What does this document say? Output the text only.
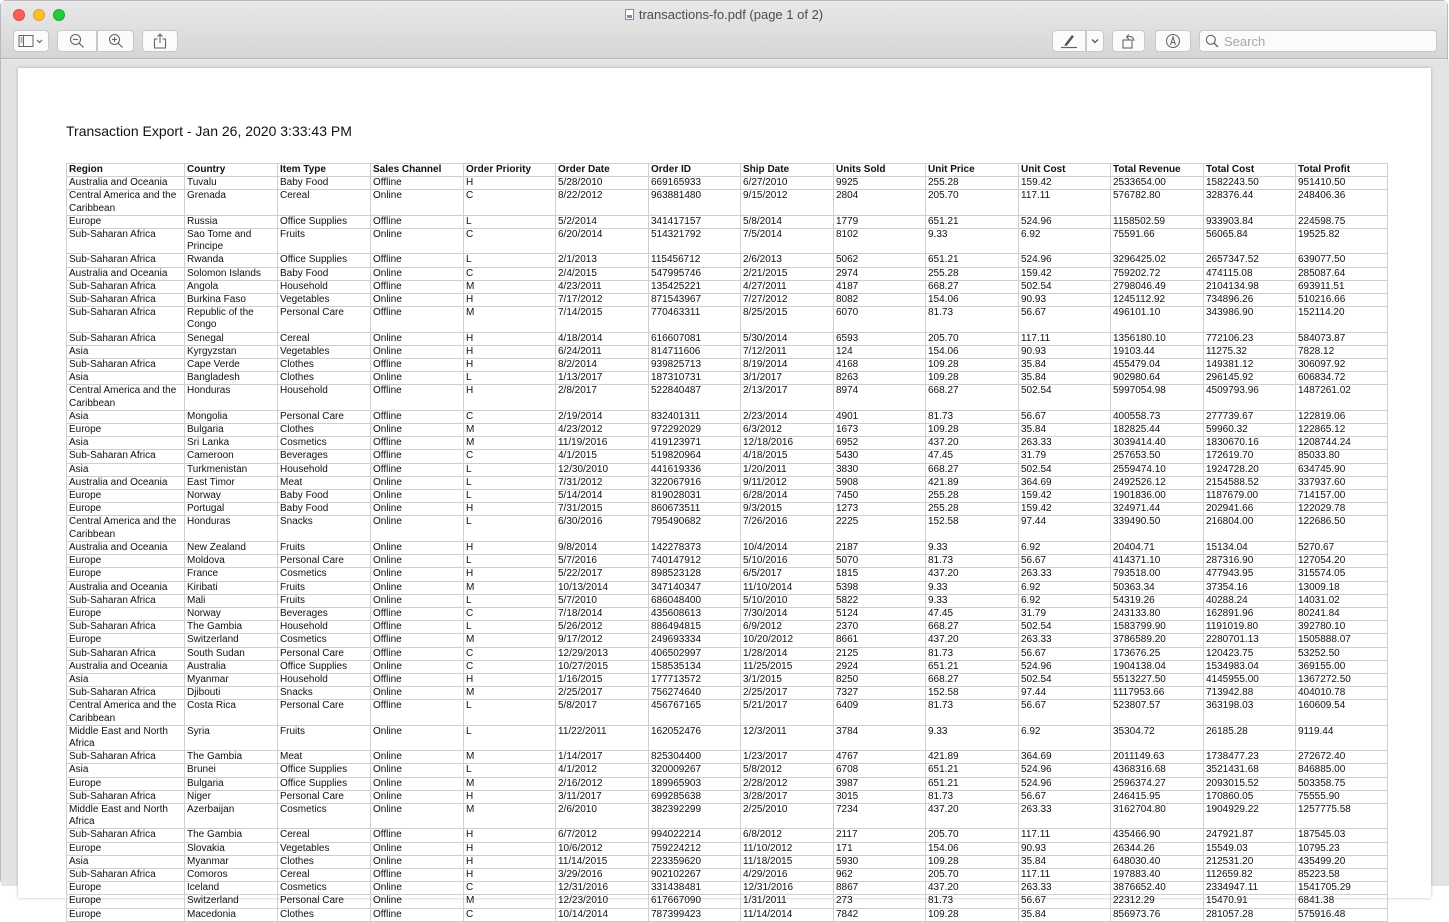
transactions-fo.pdf (page 1 of 2)
Search
Transaction Export - Jan 26, 2020 3:33:43 PM
Region	Country	Item Type	Sales Channel	Order Priority	Order Date	Order ID	Ship Date	Units Sold	Unit Price	Unit Cost	Total Revenue	Total Cost	Total Profit
Australia and Oceania	Tuvalu	Baby Food	Offline	H	5/28/2010	669165933	6/27/2010	9925	255.28	159.42	2533654.00	1582243.50	951410.50
Central America and the Caribbean	Grenada	Cereal	Online	C	8/22/2012	963881480	9/15/2012	2804	205.70	117.11	576782.80	328376.44	248406.36
Europe	Russia	Office Supplies	Offline	L	5/2/2014	341417157	5/8/2014	1779	651.21	524.96	1158502.59	933903.84	224598.75
Sub-Saharan Africa	Sao Tome and Principe	Fruits	Online	C	6/20/2014	514321792	7/5/2014	8102	9.33	6.92	75591.66	56065.84	19525.82
Sub-Saharan Africa	Rwanda	Office Supplies	Offline	L	2/1/2013	115456712	2/6/2013	5062	651.21	524.96	3296425.02	2657347.52	639077.50
Australia and Oceania	Solomon Islands	Baby Food	Online	C	2/4/2015	547995746	2/21/2015	2974	255.28	159.42	759202.72	474115.08	285087.64
Sub-Saharan Africa	Angola	Household	Offline	M	4/23/2011	135425221	4/27/2011	4187	668.27	502.54	2798046.49	2104134.98	693911.51
Sub-Saharan Africa	Burkina Faso	Vegetables	Online	H	7/17/2012	871543967	7/27/2012	8082	154.06	90.93	1245112.92	734896.26	510216.66
Sub-Saharan Africa	Republic of the Congo	Personal Care	Offline	M	7/14/2015	770463311	8/25/2015	6070	81.73	56.67	496101.10	343986.90	152114.20
Sub-Saharan Africa	Senegal	Cereal	Online	H	4/18/2014	616607081	5/30/2014	6593	205.70	117.11	1356180.10	772106.23	584073.87
Asia	Kyrgyzstan	Vegetables	Online	H	6/24/2011	814711606	7/12/2011	124	154.06	90.93	19103.44	11275.32	7828.12
Sub-Saharan Africa	Cape Verde	Clothes	Offline	H	8/2/2014	939825713	8/19/2014	4168	109.28	35.84	455479.04	149381.12	306097.92
Asia	Bangladesh	Clothes	Online	L	1/13/2017	187310731	3/1/2017	8263	109.28	35.84	902980.64	296145.92	606834.72
Central America and the Caribbean	Honduras	Household	Offline	H	2/8/2017	522840487	2/13/2017	8974	668.27	502.54	5997054.98	4509793.96	1487261.02
Asia	Mongolia	Personal Care	Offline	C	2/19/2014	832401311	2/23/2014	4901	81.73	56.67	400558.73	277739.67	122819.06
Europe	Bulgaria	Clothes	Online	M	4/23/2012	972292029	6/3/2012	1673	109.28	35.84	182825.44	59960.32	122865.12
Asia	Sri Lanka	Cosmetics	Offline	M	11/19/2016	419123971	12/18/2016	6952	437.20	263.33	3039414.40	1830670.16	1208744.24
Sub-Saharan Africa	Cameroon	Beverages	Offline	C	4/1/2015	519820964	4/18/2015	5430	47.45	31.79	257653.50	172619.70	85033.80
Asia	Turkmenistan	Household	Offline	L	12/30/2010	441619336	1/20/2011	3830	668.27	502.54	2559474.10	1924728.20	634745.90
Australia and Oceania	East Timor	Meat	Online	L	7/31/2012	322067916	9/11/2012	5908	421.89	364.69	2492526.12	2154588.52	337937.60
Europe	Norway	Baby Food	Online	L	5/14/2014	819028031	6/28/2014	7450	255.28	159.42	1901836.00	1187679.00	714157.00
Europe	Portugal	Baby Food	Online	H	7/31/2015	860673511	9/3/2015	1273	255.28	159.42	324971.44	202941.66	122029.78
Central America and the Caribbean	Honduras	Snacks	Online	L	6/30/2016	795490682	7/26/2016	2225	152.58	97.44	339490.50	216804.00	122686.50
Australia and Oceania	New Zealand	Fruits	Online	H	9/8/2014	142278373	10/4/2014	2187	9.33	6.92	20404.71	15134.04	5270.67
Europe	Moldova	Personal Care	Online	L	5/7/2016	740147912	5/10/2016	5070	81.73	56.67	414371.10	287316.90	127054.20
Europe	France	Cosmetics	Online	H	5/22/2017	898523128	6/5/2017	1815	437.20	263.33	793518.00	477943.95	315574.05
Australia and Oceania	Kiribati	Fruits	Online	M	10/13/2014	347140347	11/10/2014	5398	9.33	6.92	50363.34	37354.16	13009.18
Sub-Saharan Africa	Mali	Fruits	Online	L	5/7/2010	686048400	5/10/2010	5822	9.33	6.92	54319.26	40288.24	14031.02
Europe	Norway	Beverages	Offline	C	7/18/2014	435608613	7/30/2014	5124	47.45	31.79	243133.80	162891.96	80241.84
Sub-Saharan Africa	The Gambia	Household	Offline	L	5/26/2012	886494815	6/9/2012	2370	668.27	502.54	1583799.90	1191019.80	392780.10
Europe	Switzerland	Cosmetics	Offline	M	9/17/2012	249693334	10/20/2012	8661	437.20	263.33	3786589.20	2280701.13	1505888.07
Sub-Saharan Africa	South Sudan	Personal Care	Offline	C	12/29/2013	406502997	1/28/2014	2125	81.73	56.67	173676.25	120423.75	53252.50
Australia and Oceania	Australia	Office Supplies	Online	C	10/27/2015	158535134	11/25/2015	2924	651.21	524.96	1904138.04	1534983.04	369155.00
Asia	Myanmar	Household	Offline	H	1/16/2015	177713572	3/1/2015	8250	668.27	502.54	5513227.50	4145955.00	1367272.50
Sub-Saharan Africa	Djibouti	Snacks	Online	M	2/25/2017	756274640	2/25/2017	7327	152.58	97.44	1117953.66	713942.88	404010.78
Central America and the Caribbean	Costa Rica	Personal Care	Offline	L	5/8/2017	456767165	5/21/2017	6409	81.73	56.67	523807.57	363198.03	160609.54
Middle East and North Africa	Syria	Fruits	Online	L	11/22/2011	162052476	12/3/2011	3784	9.33	6.92	35304.72	26185.28	9119.44
Sub-Saharan Africa	The Gambia	Meat	Online	M	1/14/2017	825304400	1/23/2017	4767	421.89	364.69	2011149.63	1738477.23	272672.40
Asia	Brunei	Office Supplies	Online	L	4/1/2012	320009267	5/8/2012	6708	651.21	524.96	4368316.68	3521431.68	846885.00
Europe	Bulgaria	Office Supplies	Online	M	2/16/2012	189965903	2/28/2012	3987	651.21	524.96	2596374.27	2093015.52	503358.75
Sub-Saharan Africa	Niger	Personal Care	Online	H	3/11/2017	699285638	3/28/2017	3015	81.73	56.67	246415.95	170860.05	75555.90
Middle East and North Africa	Azerbaijan	Cosmetics	Online	M	2/6/2010	382392299	2/25/2010	7234	437.20	263.33	3162704.80	1904929.22	1257775.58
Sub-Saharan Africa	The Gambia	Cereal	Offline	H	6/7/2012	994022214	6/8/2012	2117	205.70	117.11	435466.90	247921.87	187545.03
Europe	Slovakia	Vegetables	Online	H	10/6/2012	759224212	11/10/2012	171	154.06	90.93	26344.26	15549.03	10795.23
Asia	Myanmar	Clothes	Online	H	11/14/2015	223359620	11/18/2015	5930	109.28	35.84	648030.40	212531.20	435499.20
Sub-Saharan Africa	Comoros	Cereal	Offline	H	3/29/2016	902102267	4/29/2016	962	205.70	117.11	197883.40	112659.82	85223.58
Europe	Iceland	Cosmetics	Online	C	12/31/2016	331438481	12/31/2016	8867	437.20	263.33	3876652.40	2334947.11	1541705.29
Europe	Switzerland	Personal Care	Online	M	12/23/2010	617667090	1/31/2011	273	81.73	56.67	22312.29	15470.91	6841.38
Europe	Macedonia	Clothes	Offline	C	10/14/2014	787399423	11/14/2014	7842	109.28	35.84	856973.76	281057.28	575916.48
